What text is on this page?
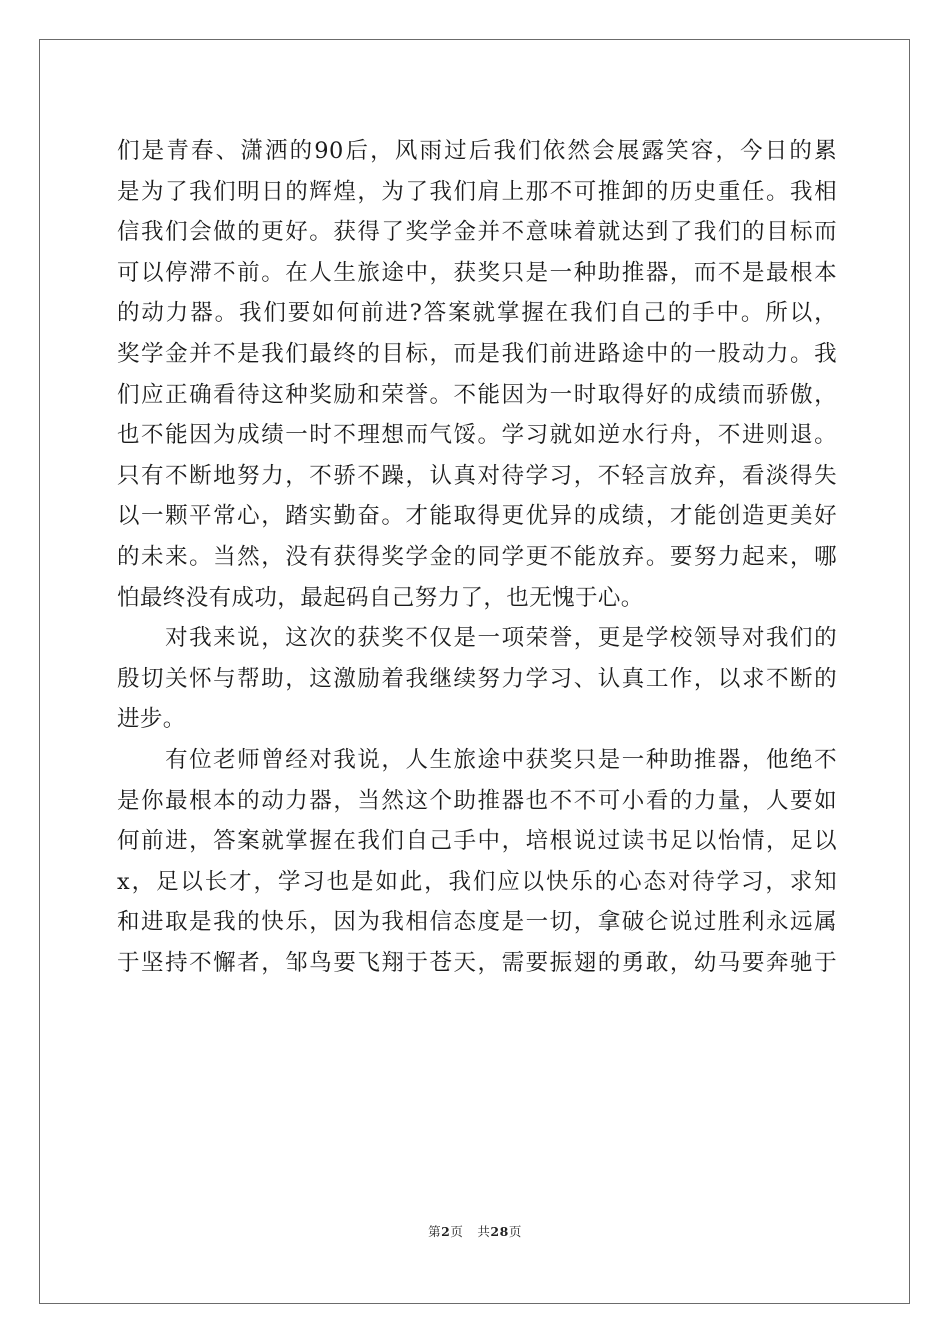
们是青春、潇洒的90后，风雨过后我们依然会展露笑容，今日的累
是为了我们明日的辉煌，为了我们肩上那不可推卸的历史重任。我相
信我们会做的更好。获得了奖学金并不意味着就达到了我们的目标而
可以停滞不前。在人生旅途中，获奖只是一种助推器，而不是最根本
的动力器。我们要如何前进?答案就掌握在我们自己的手中。所以，
奖学金并不是我们最终的目标，而是我们前进路途中的一股动力。我
们应正确看待这种奖励和荣誉。不能因为一时取得好的成绩而骄傲，
也不能因为成绩一时不理想而气馁。学习就如逆水行舟，不进则退。
只有不断地努力，不骄不躁，认真对待学习，不轻言放弃，看淡得失
以一颗平常心，踏实勤奋。才能取得更优异的成绩，才能创造更美好
的未来。当然，没有获得奖学金的同学更不能放弃。要努力起来，哪
怕最终没有成功，最起码自己努力了，也无愧于心。
　　对我来说，这次的获奖不仅是一项荣誉，更是学校领导对我们的
殷切关怀与帮助，这激励着我继续努力学习、认真工作，以求不断的
进步。
　　有位老师曾经对我说，人生旅途中获奖只是一种助推器，他绝不
是你最根本的动力器，当然这个助推器也不不可小看的力量，人要如
何前进，答案就掌握在我们自己手中，培根说过读书足以怡情，足以
x，足以长才，学习也是如此，我们应以快乐的心态对待学习，求知
和进取是我的快乐，因为我相信态度是一切，拿破仑说过胜利永远属
于坚持不懈者，邹鸟要飞翔于苍天，需要振翅的勇敢，幼马要奔驰于
第2页 共28页
